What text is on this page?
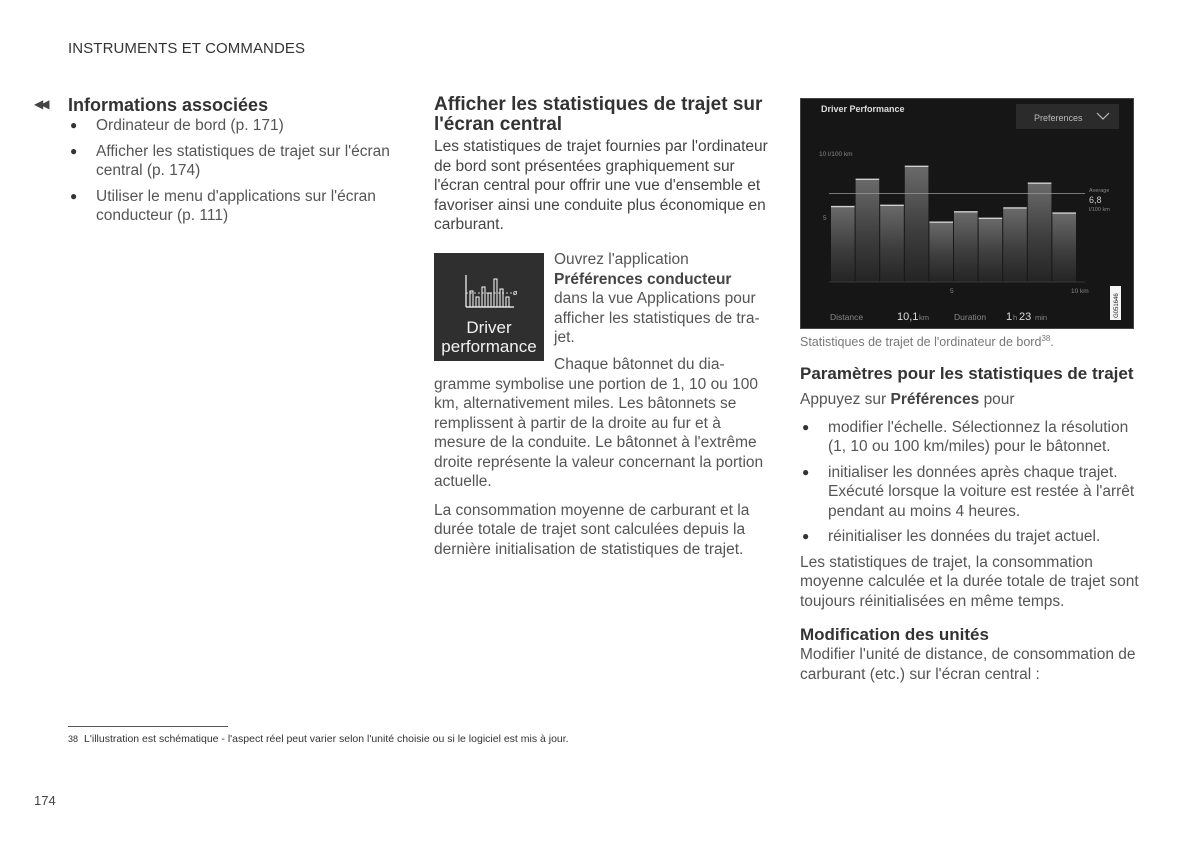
INSTRUMENTS ET COMMANDES
◀◀ Informations associées
● Ordinateur de bord (p. 171)
● Afficher les statistiques de trajet sur l'écran central (p. 174)
● Utiliser le menu d'applications sur l'écran conducteur (p. 111)
Afficher les statistiques de trajet sur l'écran central

Les statistiques de trajet fournies par l'ordinateur de bord sont présentées graphiquement sur l'écran central pour offrir une vue d'ensemble et favoriser ainsi une conduite plus économique en carburant.

ø
Driver
performance
Ouvrez l'application
Préférences conducteur
dans la vue Applications pour afficher les statistiques de tra-jet.

Chaque bâtonnet du dia-

gramme symbolise une portion de 1, 10 ou 100 km, alternativement miles. Les bâtonnets se remplissent à partir de la droite au fur et à mesure de la conduite. Le bâtonnet à l'extrême droite représente la valeur concernant la portion actuelle.

La consommation moyenne de carburant et la durée totale de trajet sont calculées depuis la dernière initialisation de statistiques de trajet.

Driver Performance
Preferences
10 l/100 km
5
Average
6,8
l/100 km
5	10 km
Distance	10,1 km	Duration 1 h 23 min	G051646
Statistiques de trajet de l'ordinateur de bord$^{38}$.
Paramètres pour les statistiques de trajet

Appuyez sur Préférences pour

● modifier l'échelle. Sélectionnez la résolution (1, 10 ou 100 km/miles) pour le bâtonnet.
● initialiser les données après chaque trajet. Exécuté lorsque la voiture est restée à l'arrêt pendant au moins 4 heures.
● réinitialiser les données du trajet actuel.

Les statistiques de trajet, la consommation moyenne calculée et la durée totale de trajet sont toujours réinitialisées en même temps.

Modification des unités

Modifier l'unité de distance, de consommation de carburant (etc.) sur l'écran central :

38 L'illustration est schématique - l'aspect réel peut varier selon l'unité choisie ou si le logiciel est mis à jour.
174
